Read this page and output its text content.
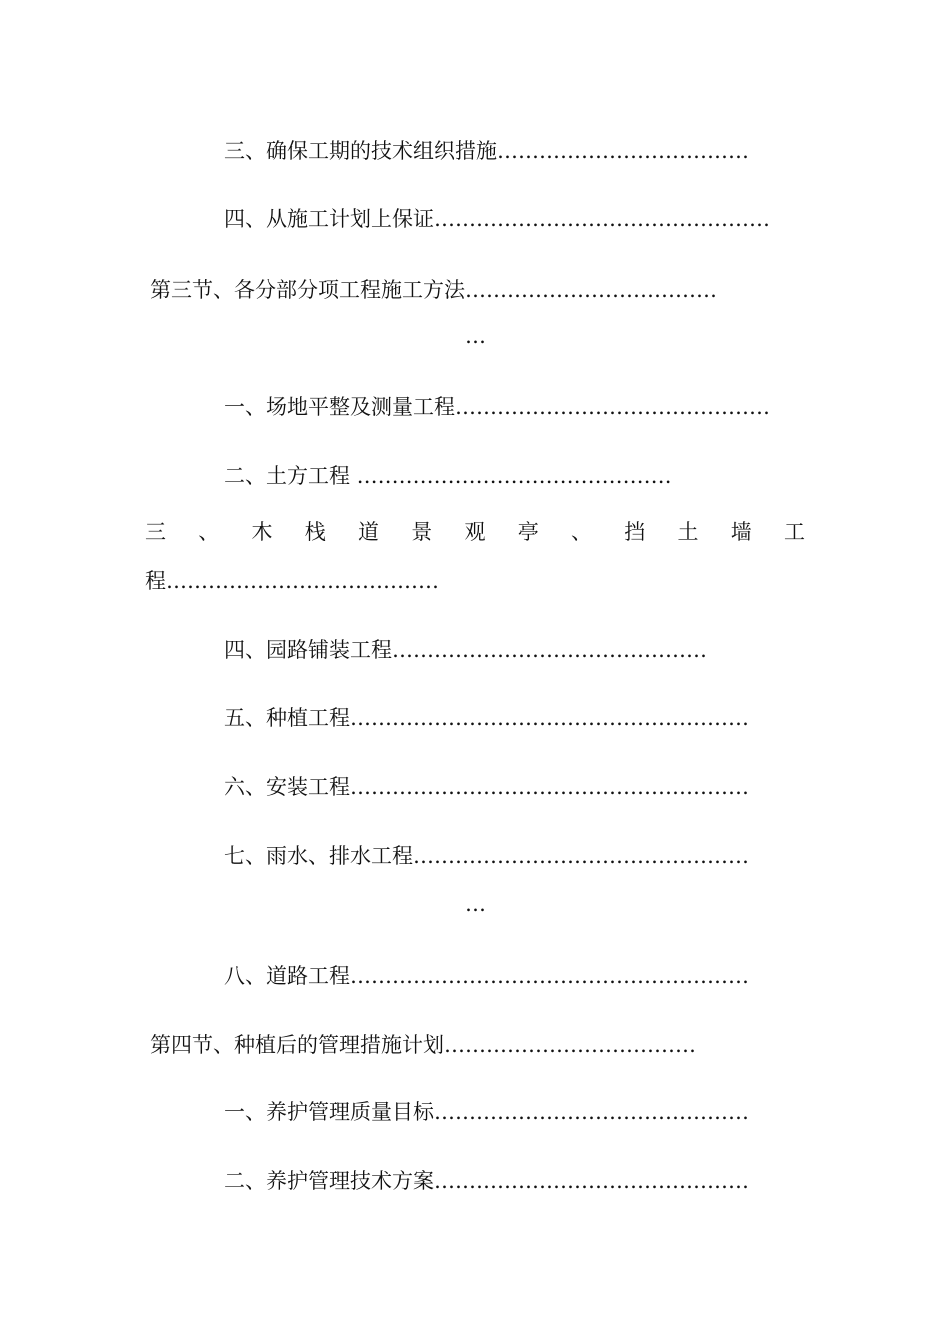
三、确保工期的技术组织措施………………………………
四、从施工计划上保证…………………………………………
第三节、各分部分项工程施工方法………………………………
…
一、场地平整及测量工程………………………………………
二、土方工程 ………………………………………
三 、 木 栈 道 景 观 亭 、 挡 土 墙 工
程…………………………………
四、园路铺装工程………………………………………
五、种植工程…………………………………………………
六、安装工程…………………………………………………
七、雨水、排水工程…………………………………………
…
八、道路工程…………………………………………………
第四节、种植后的管理措施计划………………………………
一、养护管理质量目标………………………………………
二、养护管理技术方案………………………………………
